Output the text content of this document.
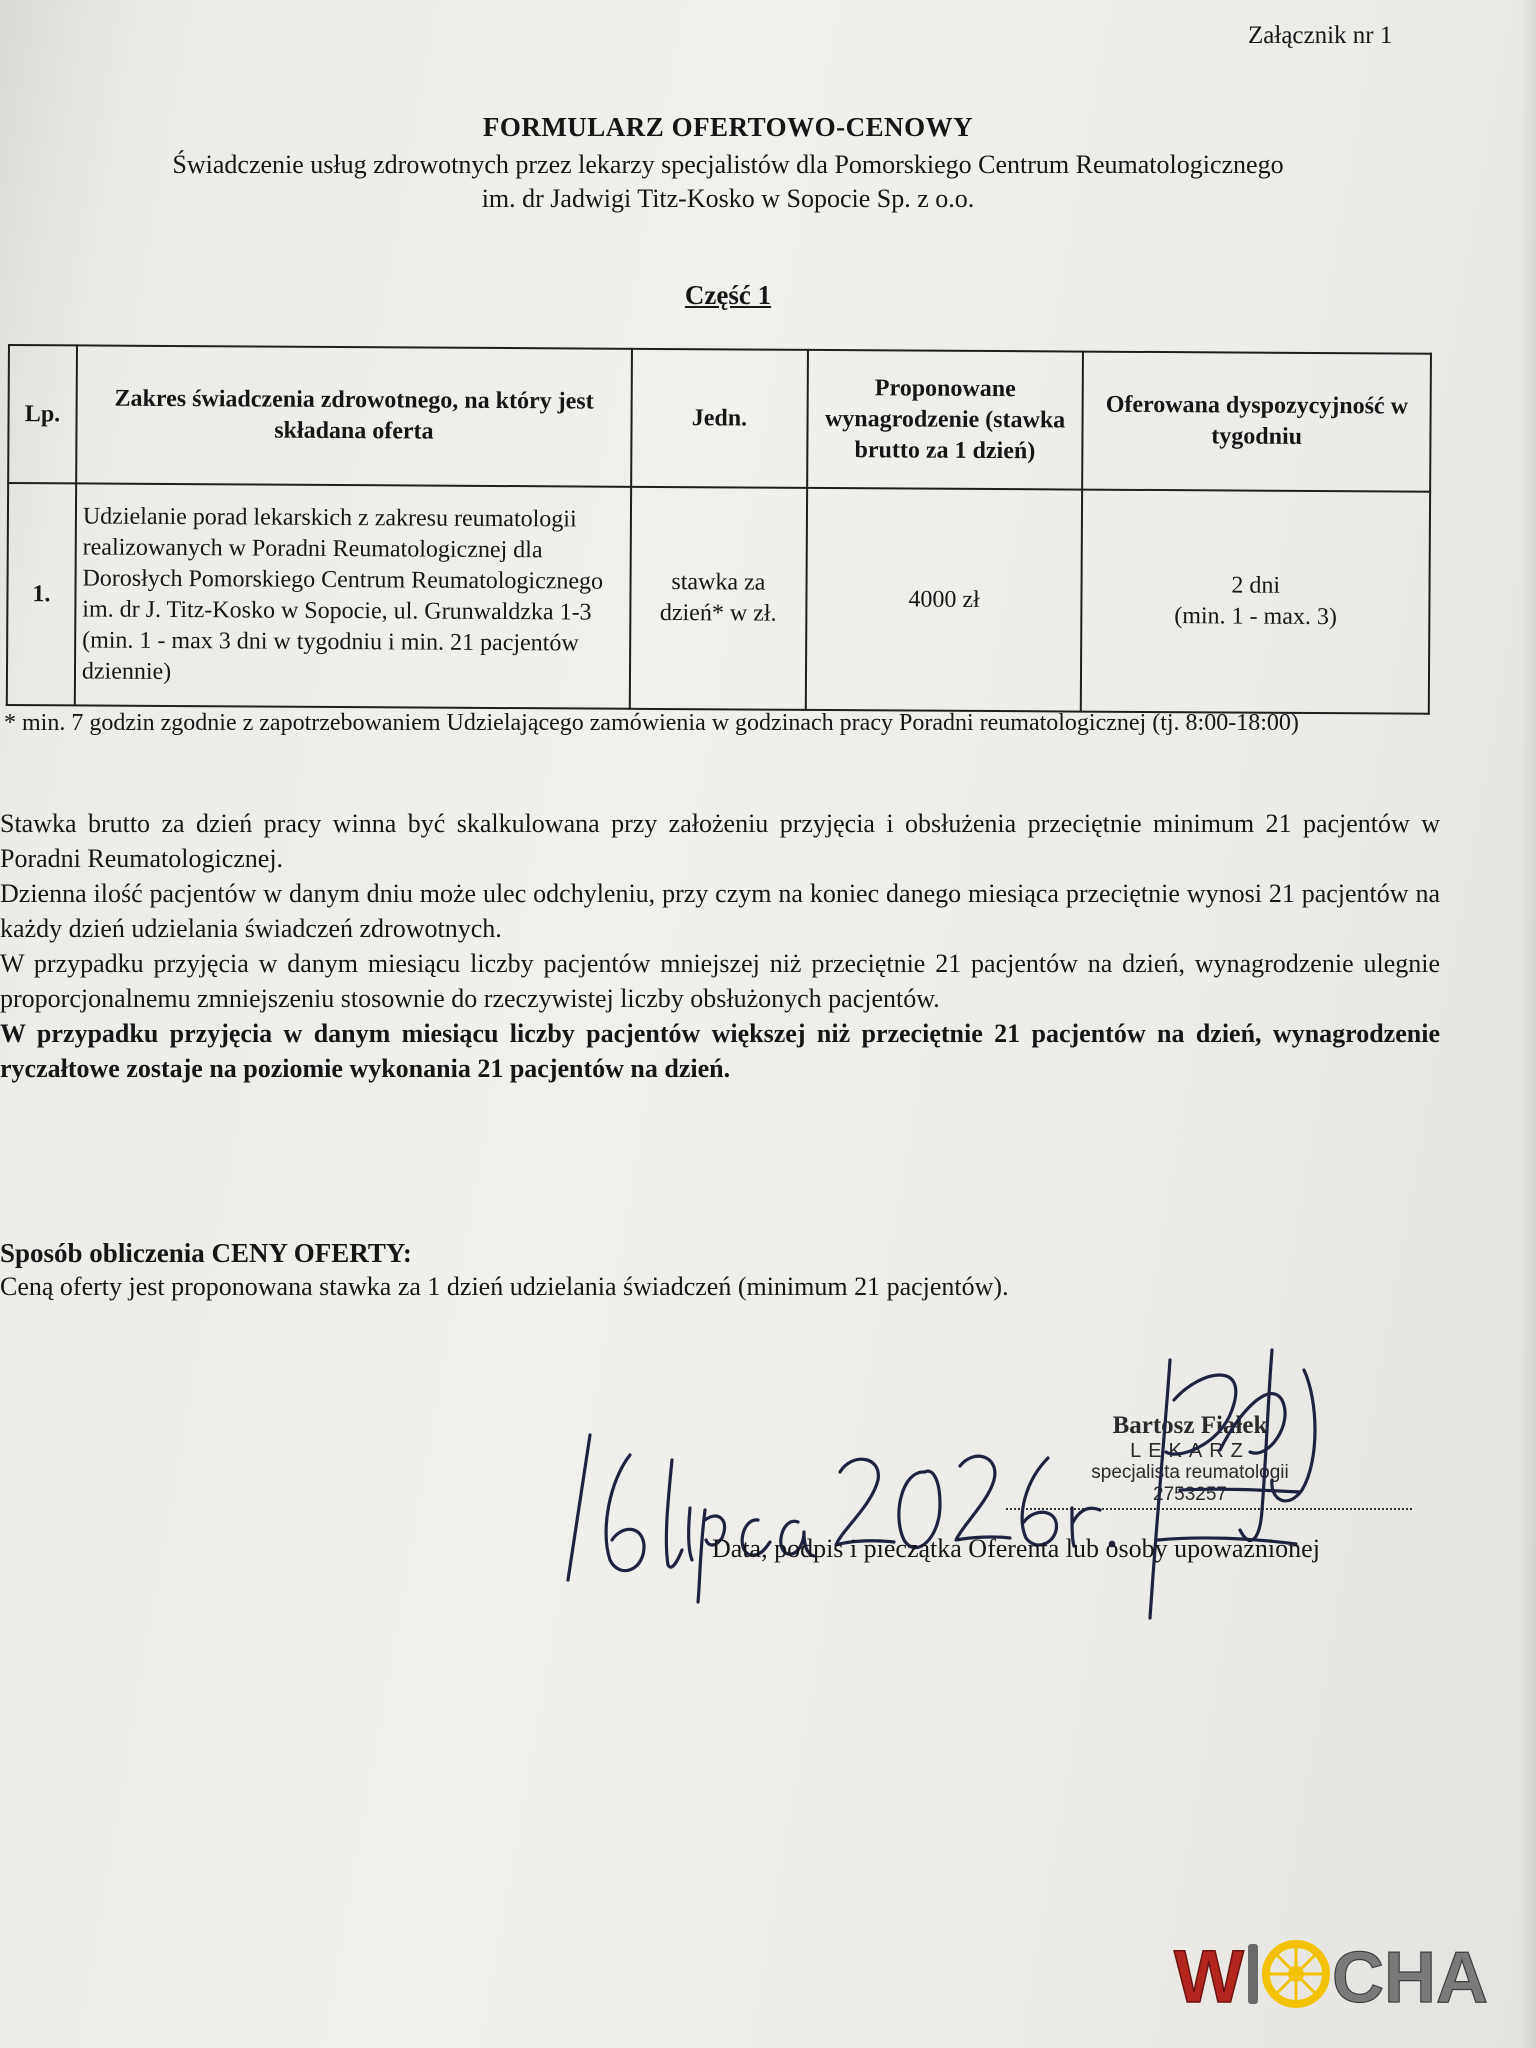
Załącznik nr 1
FORMULARZ OFERTOWO-CENOWY
Świadczenie usług zdrowotnych przez lekarzy specjalistów dla Pomorskiego Centrum Reumatologicznego
im. dr Jadwigi Titz-Kosko w Sopocie Sp. z o.o.
Część 1
Lp.	Zakres świadczenia zdrowotnego, na który jest składana oferta	Jedn.	Proponowane wynagrodzenie (stawka brutto za 1 dzień)	Oferowana dyspozycyjność w tygodniu
1.	Udzielanie porad lekarskich z zakresu reumatologii realizowanych w Poradni Reumatologicznej dla Dorosłych Pomorskiego Centrum Reumatologicznego im. dr J. Titz-Kosko w Sopocie, ul. Grunwaldzka 1-3 (min. 1 - max 3 dni w tygodniu i min. 21 pacjentów dziennie)	stawka za dzień* w zł.	4000 zł	2 dni
(min. 1 - max. 3)
* min. 7 godzin zgodnie z zapotrzebowaniem Udzielającego zamówienia w godzinach pracy Poradni reumatologicznej (tj. 8:00-18:00)

Stawka brutto za dzień pracy winna być skalkulowana przy założeniu przyjęcia i obsłużenia przeciętnie minimum 21 pacjentów w Poradni Reumatologicznej.

Dzienna ilość pacjentów w danym dniu może ulec odchyleniu, przy czym na koniec danego miesiąca przeciętnie wynosi 21 pacjentów na każdy dzień udzielania świadczeń zdrowotnych.

W przypadku przyjęcia w danym miesiącu liczby pacjentów mniejszej niż przeciętnie 21 pacjentów na dzień, wynagrodzenie ulegnie proporcjonalnemu zmniejszeniu stosownie do rzeczywistej liczby obsłużonych pacjentów.

W przypadku przyjęcia w danym miesiącu liczby pacjentów większej niż przeciętnie 21 pacjentów na dzień, wynagrodzenie ryczałtowe zostaje na poziomie wykonania 21 pacjentów na dzień.

Sposób obliczenia CENY OFERTY:
Ceną oferty jest proponowana stawka za 1 dzień udzielania świadczeń (minimum 21 pacjentów).
Bartosz Fiałek
LEKARZ
specjalista reumatologii
2753257
Data, podpis i pieczątka Oferenta lub osoby upoważnionej
W CHA
